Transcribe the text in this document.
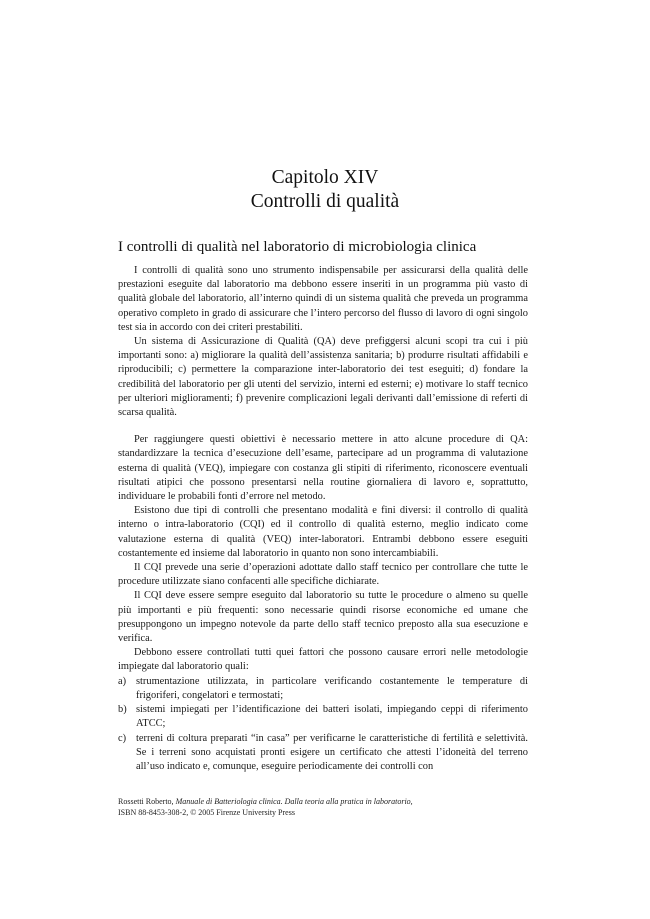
Capitolo XIV
Controlli di qualità
I controlli di qualità nel laboratorio di microbiologia clinica

I controlli di qualità sono uno strumento indispensabile per assicurarsi della qualità delle prestazioni eseguite dal laboratorio ma debbono essere inseriti in un programma più vasto di qualità globale del laboratorio, all’interno quindi di un sistema qualità che preveda un programma operativo completo in grado di assicurare che l’intero percorso del flusso di lavoro di ogni singolo test sia in accordo con dei criteri prestabiliti.

Un sistema di Assicurazione di Qualità (QA) deve prefiggersi alcuni scopi tra cui i più importanti sono: a) migliorare la qualità dell’assistenza sanitaria; b) produrre risultati affidabili e riproducibili; c) permettere la comparazione inter-laboratorio dei test eseguiti; d) fondare la credibilità del laboratorio per gli utenti del servizio, interni ed esterni; e) motivare lo staff tecnico per ulteriori miglioramenti; f) prevenire complicazioni legali derivanti dall’emissione di referti di scarsa qualità.

Per raggiungere questi obiettivi è necessario mettere in atto alcune procedure di QA: standardizzare la tecnica d’esecuzione dell’esame, partecipare ad un programma di valutazione esterna di qualità (VEQ), impiegare con costanza gli stipiti di riferimento, riconoscere eventuali risultati atipici che possono presentarsi nella routine giornaliera di lavoro e, soprattutto, individuare le probabili fonti d’errore nel metodo.

Esistono due tipi di controlli che presentano modalità e fini diversi: il controllo di qualità interno o intra-laboratorio (CQI) ed il controllo di qualità esterno, meglio indicato come valutazione esterna di qualità (VEQ) inter-laboratori. Entrambi debbono essere eseguiti costantemente ed insieme dal laboratorio in quanto non sono intercambiabili.

Il CQI prevede una serie d’operazioni adottate dallo staff tecnico per controllare che tutte le procedure utilizzate siano confacenti alle specifiche dichiarate.

Il CQI deve essere sempre eseguito dal laboratorio su tutte le procedure o almeno su quelle più importanti e più frequenti: sono necessarie quindi risorse economiche ed umane che presuppongono un impegno notevole da parte dello staff tecnico preposto alla sua esecuzione e verifica.

Debbono essere controllati tutti quei fattori che possono causare errori nelle metodologie impiegate dal laboratorio quali:

a) strumentazione utilizzata, in particolare verificando costantemente le temperature di frigoriferi, congelatori e termostati;
b) sistemi impiegati per l’identificazione dei batteri isolati, impiegando ceppi di riferimento ATCC;
c) terreni di coltura preparati “in casa” per verificarne le caratteristiche di fertilità e selettività. Se i terreni sono acquistati pronti esigere un certificato che attesti l’idoneità del terreno all’uso indicato e, comunque, eseguire periodicamente dei controlli con
Rossetti Roberto, Manuale di Batteriologia clinica. Dalla teoria alla pratica in laboratorio,
ISBN 88-8453-308-2, © 2005 Firenze University Press
